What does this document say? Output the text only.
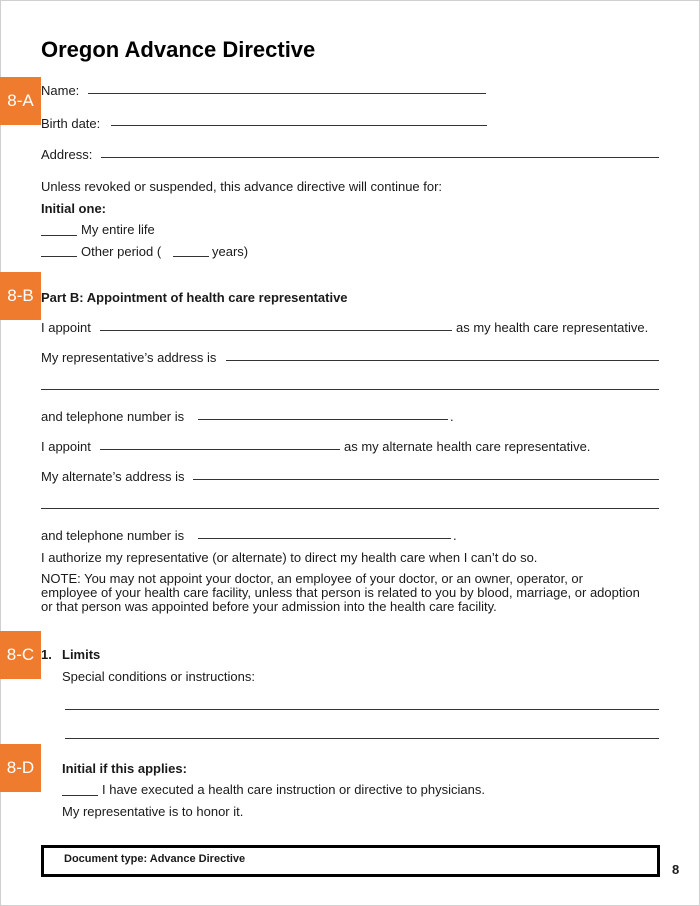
Oregon Advance Directive
8-A
8-B
8-C
8-D
Name:
Birth date:
Address:
Unless revoked or suspended, this advance directive will continue for:
Initial one:
My entire life
Other period (	years)
Part B: Appointment of health care representative
I appoint	as my health care representative.
My representative’s address is
and telephone number is	.
I appoint	as my alternate health care representative.
My alternate’s address is
and telephone number is	.
I authorize my representative (or alternate) to direct my health care when I can’t do so.
NOTE: You may not appoint your doctor, an employee of your doctor, or an owner, operator, or employee of your health care facility, unless that person is related to you by blood, marriage, or adoption or that person was appointed before your admission into the health care facility.
1. Limits
Special conditions or instructions:
Initial if this applies:
I have executed a health care instruction or directive to physicians.
My representative is to honor it.
Document type: Advance Directive
8
